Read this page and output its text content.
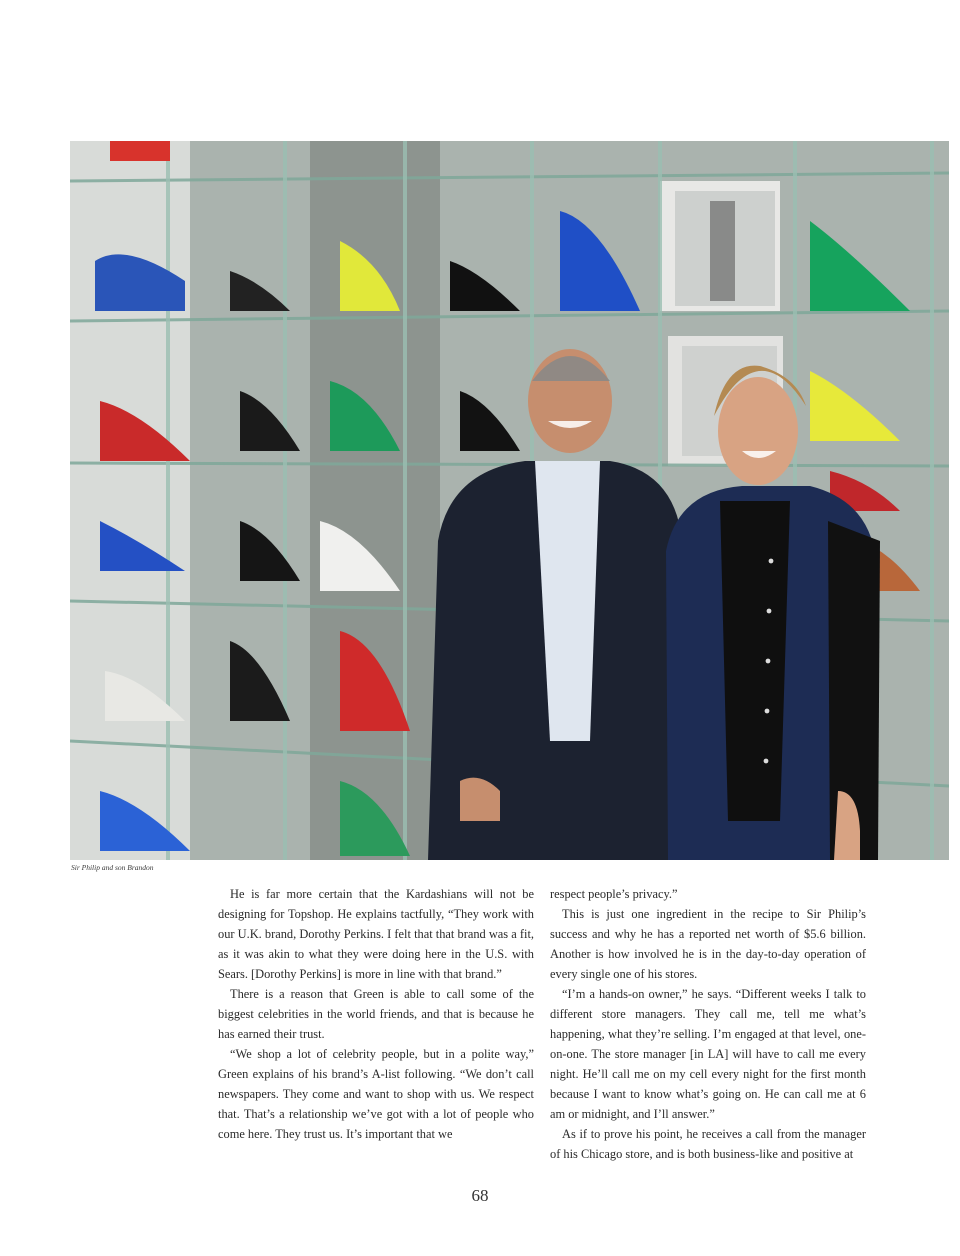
Sir Philip and son Brandon

He is far more certain that the Kardashians will not be designing for Topshop. He explains tactfully, “They work with our U.K. brand, Dorothy Perkins. I felt that that brand was a fit, as it was akin to what they were doing here in the U.S. with Sears. [Dorothy Perkins] is more in line with that brand.”

There is a reason that Green is able to call some of the biggest celebrities in the world friends, and that is because he has earned their trust.

“We shop a lot of celebrity people, but in a polite way,” Green explains of his brand’s A-list following. “We don’t call newspapers. They come and want to shop with us. We respect that. That’s a relationship we’ve got with a lot of people who come here. They trust us. It’s important that we

respect people’s privacy.”

This is just one ingredient in the recipe to Sir Philip’s success and why he has a reported net worth of $5.6 billion. Another is how involved he is in the day-to-day operation of every single one of his stores.

“I’m a hands-on owner,” he says. “Different weeks I talk to different store managers. They call me, tell me what’s happening, what they’re selling. I’m engaged at that level, one-on-one. The store manager [in LA] will have to call me every night. He’ll call me on my cell every night for the first month because I want to know what’s going on. He can call me at 6 am or midnight, and I’ll answer.”

As if to prove his point, he receives a call from the manager of his Chicago store, and is both business-like and positive at

68
